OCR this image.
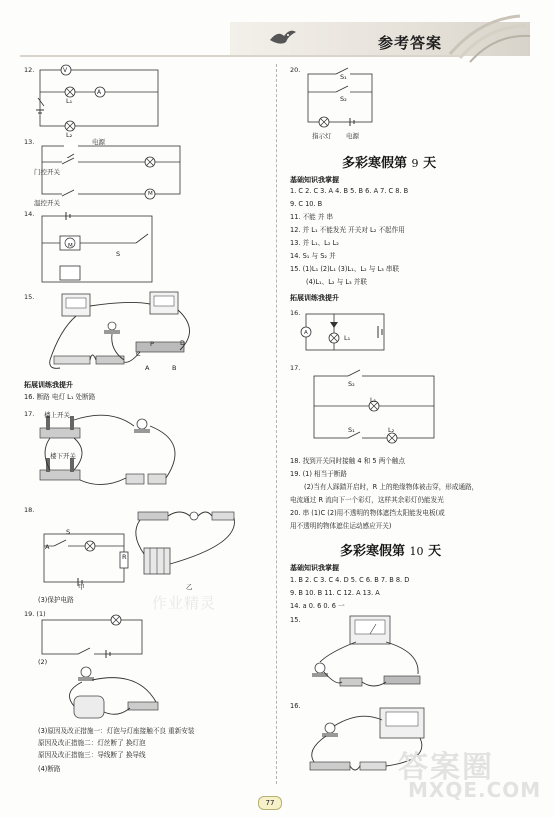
参考答案
12.	V
A
L₁
L₂
13.	电源
门控开关
温控开关
M
14.
M
S
15.
D
P
A	B
C
拓展训练我提升
16. 断路 电灯 L₁ 处断路
17. 楼上开关
楼下开关
18.
S
A
R
甲	乙
(3)保护电路
19. (1)
(2)
(3)原因及改正措施一：灯泡与灯座接触不良 重新安装
原因及改正措施二：灯丝断了 换灯泡
原因及改正措施三：导线断了 换导线
(4)断路
20.
S₁
S₂
指示灯 电源
多彩寒假第 9 天
基础知识我掌握
1. C 2. C 3. A 4. B 5. B 6. A 7. C 8. B
9. C 10. B
11. 不能 并 串
12. 并 L₁ 不能发光 开关对 L₂ 不起作用
13. 并 L₁、L₂ L₂
14. S₁ 与 S₂ 并
15. (1)L₁ (2)L₁ (3)L₁、L₂ 与 L₃ 串联
(4)L₁、L₂ 与 L₃ 并联
拓展训练我提升
16.
A
L₁
17.
S₂
L₁
S₁	L₂
18. 找到开关同时接触 4 和 5 两个触点
19. (1) 相当于断路
(2)当有人踩踏开启时，R 上的绝缘物体被击穿，形成通路，
电流通过 R 流向下一个彩灯，这样其余彩灯仍能发光
20. 串 (1)C (2)用不透明的物体遮挡太阳能发电板(或
用不透明的物体遮住运动感应开关)
多彩寒假第 10 天
基础知识我掌握
1. B 2. C 3. C 4. D 5. C 6. B 7. B 8. D
9. B 10. B 11. C 12. A 13. A
14. a 0. 6 0. 6 一
15.
16.
作业精灵
答案圈
MXQE.COM
77
